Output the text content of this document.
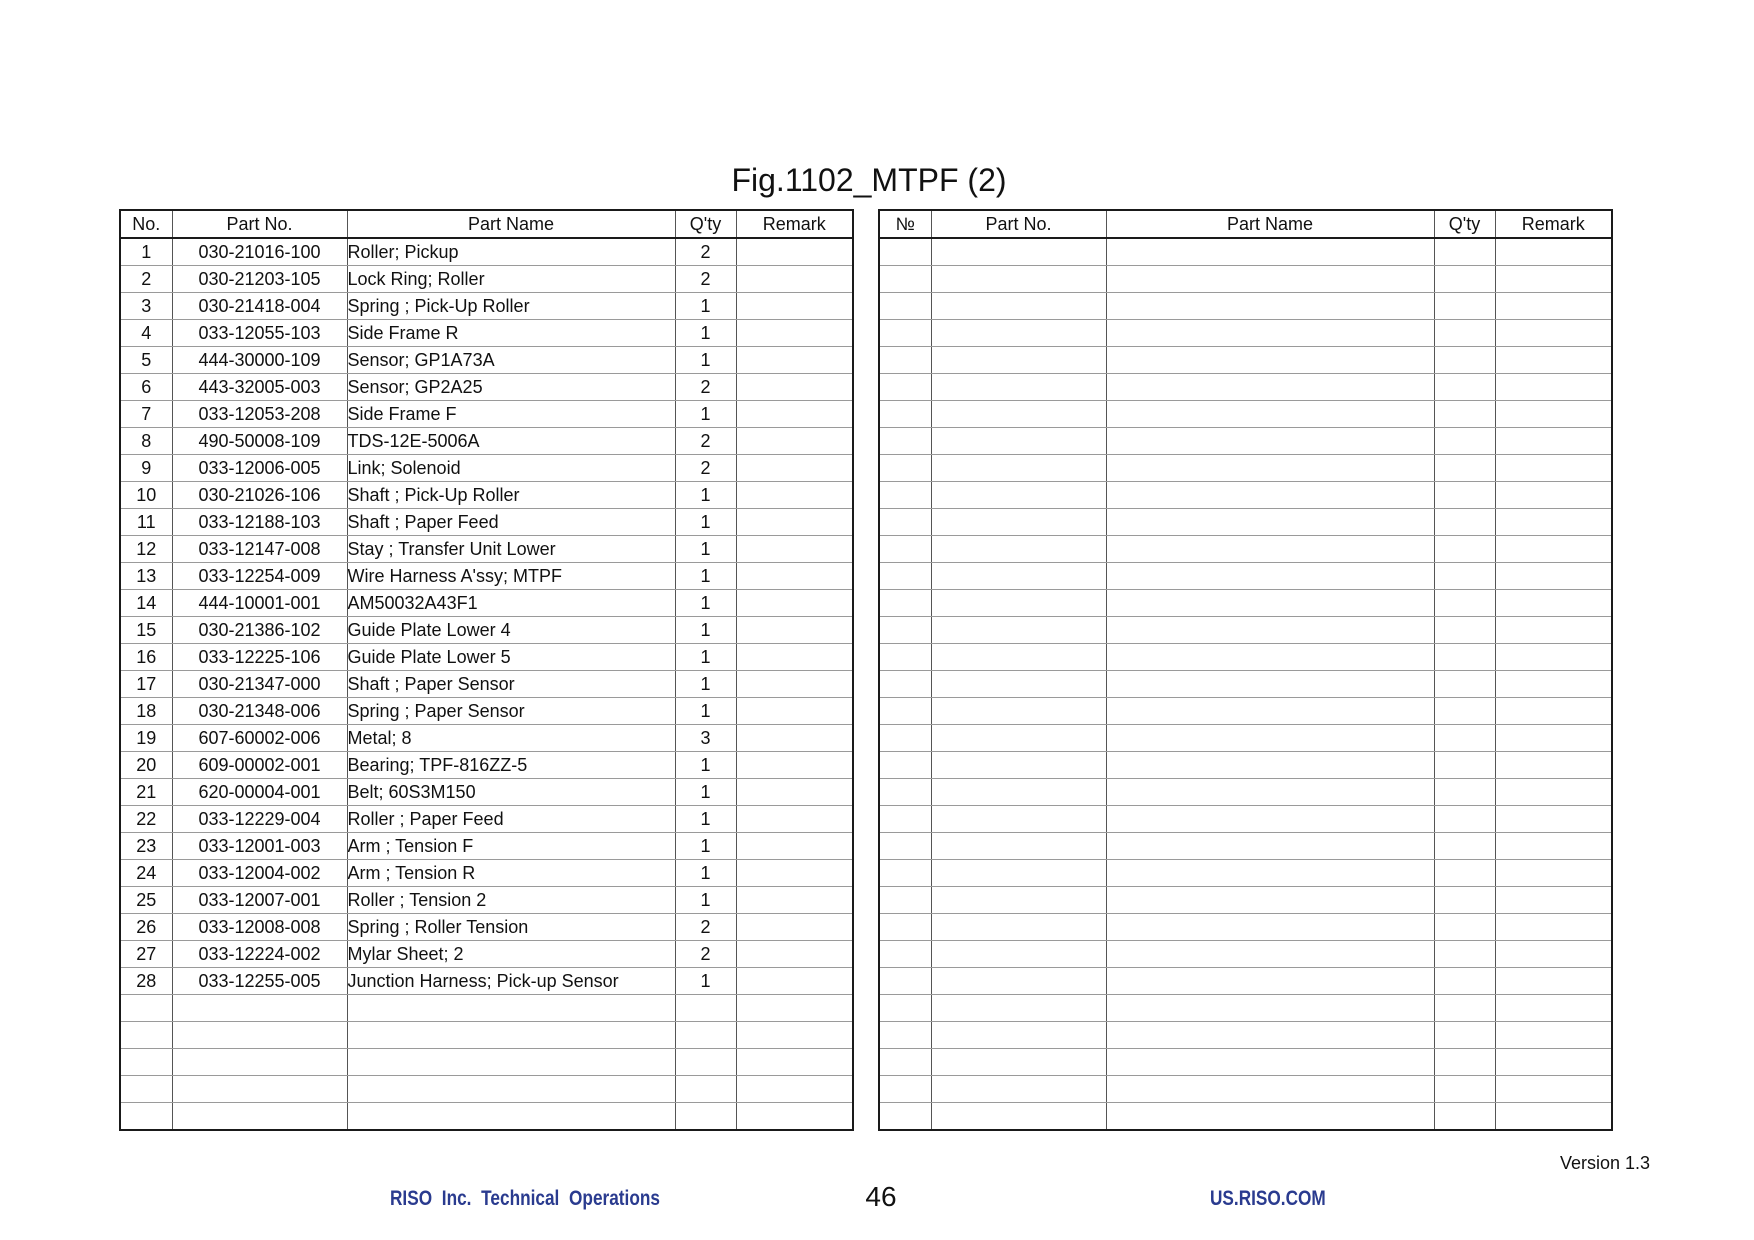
Fig.1102_MTPF (2)
No.	Part No.	Part Name	Q'ty	Remark
1	030-21016-100	Roller; Pickup	2	
2	030-21203-105	Lock Ring; Roller	2	
3	030-21418-004	Spring ; Pick-Up Roller	1	
4	033-12055-103	Side Frame R	1	
5	444-30000-109	Sensor; GP1A73A	1	
6	443-32005-003	Sensor; GP2A25	2	
7	033-12053-208	Side Frame F	1	
8	490-50008-109	TDS-12E-5006A	2	
9	033-12006-005	Link; Solenoid	2	
10	030-21026-106	Shaft ; Pick-Up Roller	1	
11	033-12188-103	Shaft ; Paper Feed	1	
12	033-12147-008	Stay ; Transfer Unit Lower	1	
13	033-12254-009	Wire Harness A'ssy; MTPF	1	
14	444-10001-001	AM50032A43F1	1	
15	030-21386-102	Guide Plate Lower 4	1	
16	033-12225-106	Guide Plate Lower 5	1	
17	030-21347-000	Shaft ; Paper Sensor	1	
18	030-21348-006	Spring ; Paper Sensor	1	
19	607-60002-006	Metal; 8	3	
20	609-00002-001	Bearing; TPF-816ZZ-5	1	
21	620-00004-001	Belt; 60S3M150	1	
22	033-12229-004	Roller ; Paper Feed	1	
23	033-12001-003	Arm ; Tension F	1	
24	033-12004-002	Arm ; Tension R	1	
25	033-12007-001	Roller ; Tension 2	1	
26	033-12008-008	Spring ; Roller Tension	2	
27	033-12224-002	Mylar Sheet; 2	2	
28	033-12255-005	Junction Harness; Pick-up Sensor	1	

№	Part No.	Part Name	Q'ty	Remark

Version 1.3
RISO Inc. Technical Operations	46	US.RISO.COM
